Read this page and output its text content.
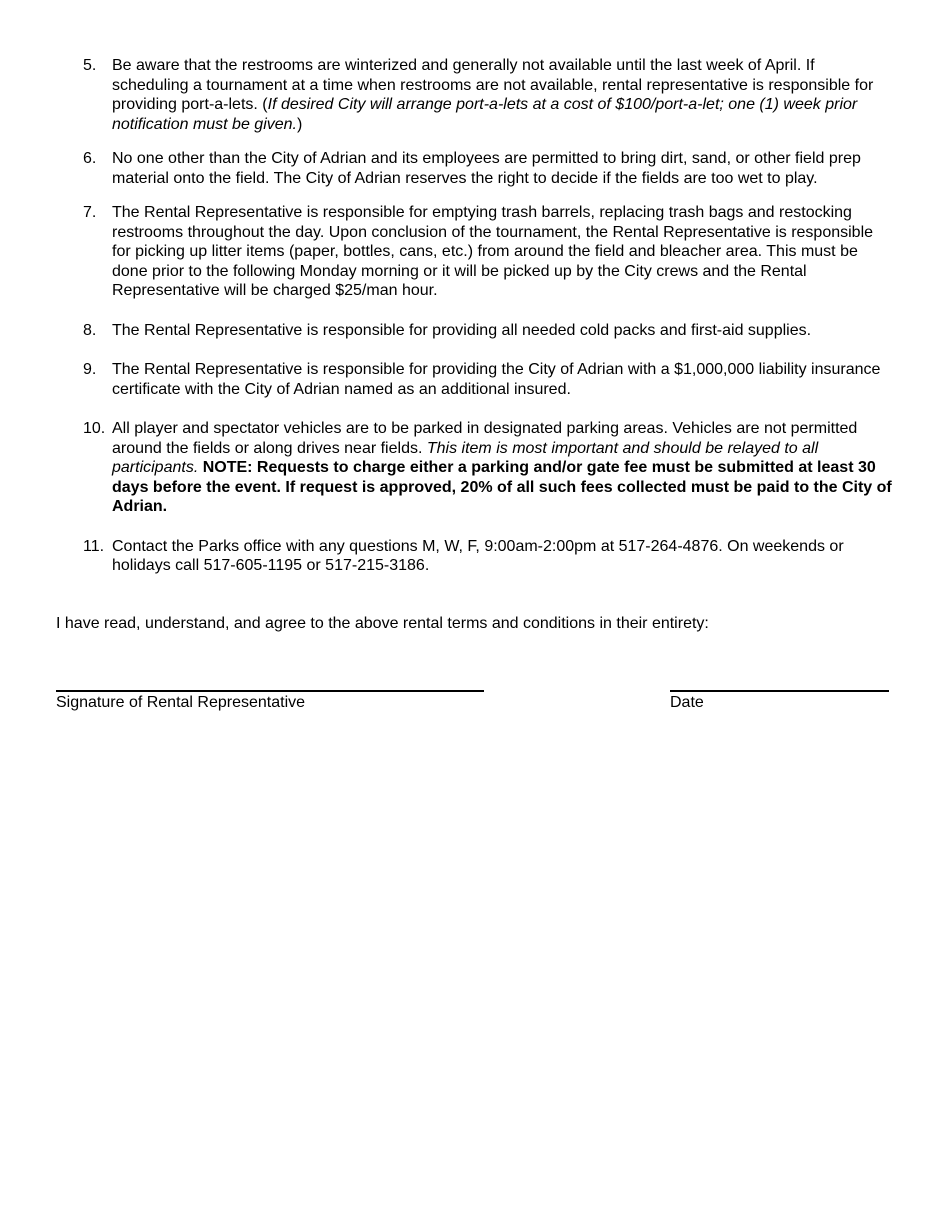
5. Be aware that the restrooms are winterized and generally not available until the last week of April. If scheduling a tournament at a time when restrooms are not available, rental representative is responsible for providing port-a-lets. (If desired City will arrange port-a-lets at a cost of $100/port-a-let; one (1) week prior notification must be given.)
6. No one other than the City of Adrian and its employees are permitted to bring dirt, sand, or other field prep material onto the field. The City of Adrian reserves the right to decide if the fields are too wet to play.
7. The Rental Representative is responsible for emptying trash barrels, replacing trash bags and restocking restrooms throughout the day. Upon conclusion of the tournament, the Rental Representative is responsible for picking up litter items (paper, bottles, cans, etc.) from around the field and bleacher area. This must be done prior to the following Monday morning or it will be picked up by the City crews and the Rental Representative will be charged $25/man hour.
8. The Rental Representative is responsible for providing all needed cold packs and first-aid supplies.
9. The Rental Representative is responsible for providing the City of Adrian with a $1,000,000 liability insurance certificate with the City of Adrian named as an additional insured.
10. All player and spectator vehicles are to be parked in designated parking areas. Vehicles are not permitted around the fields or along drives near fields. This item is most important and should be relayed to all participants. NOTE: Requests to charge either a parking and/or gate fee must be submitted at least 30 days before the event. If request is approved, 20% of all such fees collected must be paid to the City of Adrian.
11. Contact the Parks office with any questions M, W, F, 9:00am-2:00pm at 517-264-4876. On weekends or holidays call 517-605-1195 or 517-215-3186.
I have read, understand, and agree to the above rental terms and conditions in their entirety:
Signature of Rental Representative	Date
